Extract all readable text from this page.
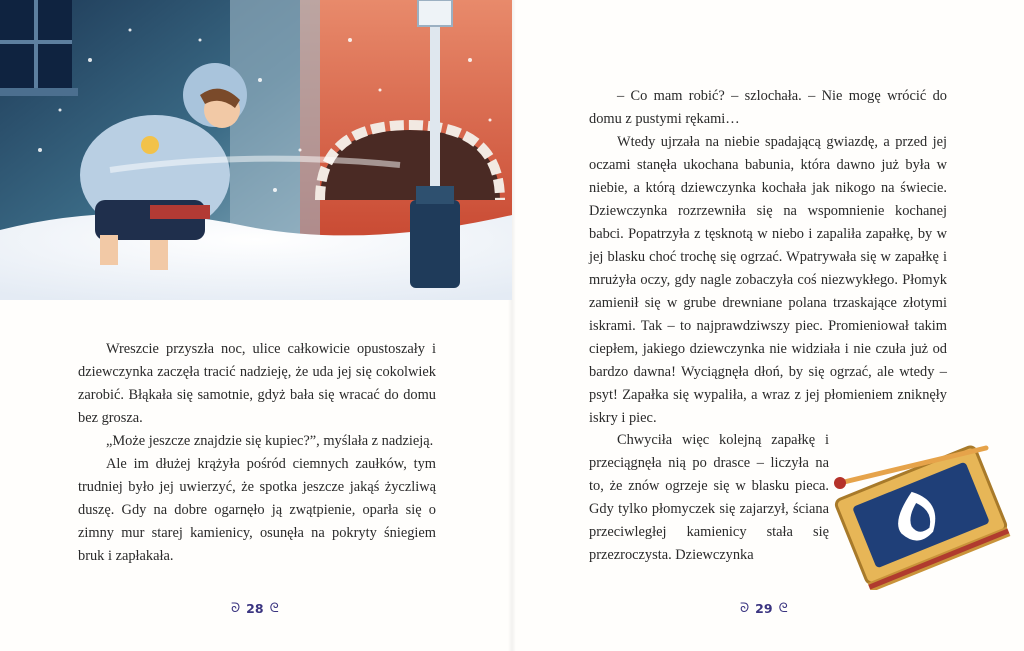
Wreszcie przyszła noc, ulice całkowicie opustoszały i dziewczynka zaczęła tracić nadzieję, że uda jej się cokolwiek zarobić. Błąkała się samotnie, gdyż bała się wracać do domu bez grosza.

„Może jeszcze znajdzie się kupiec?”, myślała z nadzieją.

Ale im dłużej krążyła pośród ciemnych zaułków, tym trudniej było jej uwierzyć, że spotka jeszcze jakąś życzliwą duszę. Gdy na dobre ogarnęło ją zwątpienie, oparła się o zimny mur starej kamienicy, osunęła na pokryty śniegiem bruk i zapłakała.

ᘐ 28 ᘓ

– Co mam robić? – szlochała. – Nie mogę wrócić do domu z pustymi rękami…

Wtedy ujrzała na niebie spadającą gwiazdę, a przed jej oczami stanęła ukochana babunia, która dawno już była w niebie, a którą dziewczynka kochała jak nikogo na świecie. Dziewczynka rozrzewniła się na wspomnienie kochanej babci. Popatrzyła z tęsknotą w niebo i zapaliła zapałkę, by w jej blasku choć trochę się ogrzać. Wpatrywała się w zapałkę i mrużyła oczy, gdy nagle zobaczyła coś niezwykłego. Płomyk zamienił się w grube drewniane polana trzaskające złotymi iskrami. Tak – to najprawdziwszy piec. Promieniował takim ciepłem, jakiego dziewczynka nie widziała i nie czuła już od bardzo dawna! Wyciągnęła dłoń, by się ogrzać, ale wtedy – psyt! Zapałka się wypaliła, a wraz z jej płomieniem zniknęły iskry i piec.

Chwyciła więc kolejną zapałkę i przeciągnęła nią po drasce – liczyła na to, że znów ogrzeje się w blasku pieca. Gdy tylko płomyczek się zajarzył, ściana przeciwległej kamienicy stała się przezroczysta. Dziewczynka

ᘐ 29 ᘓ
